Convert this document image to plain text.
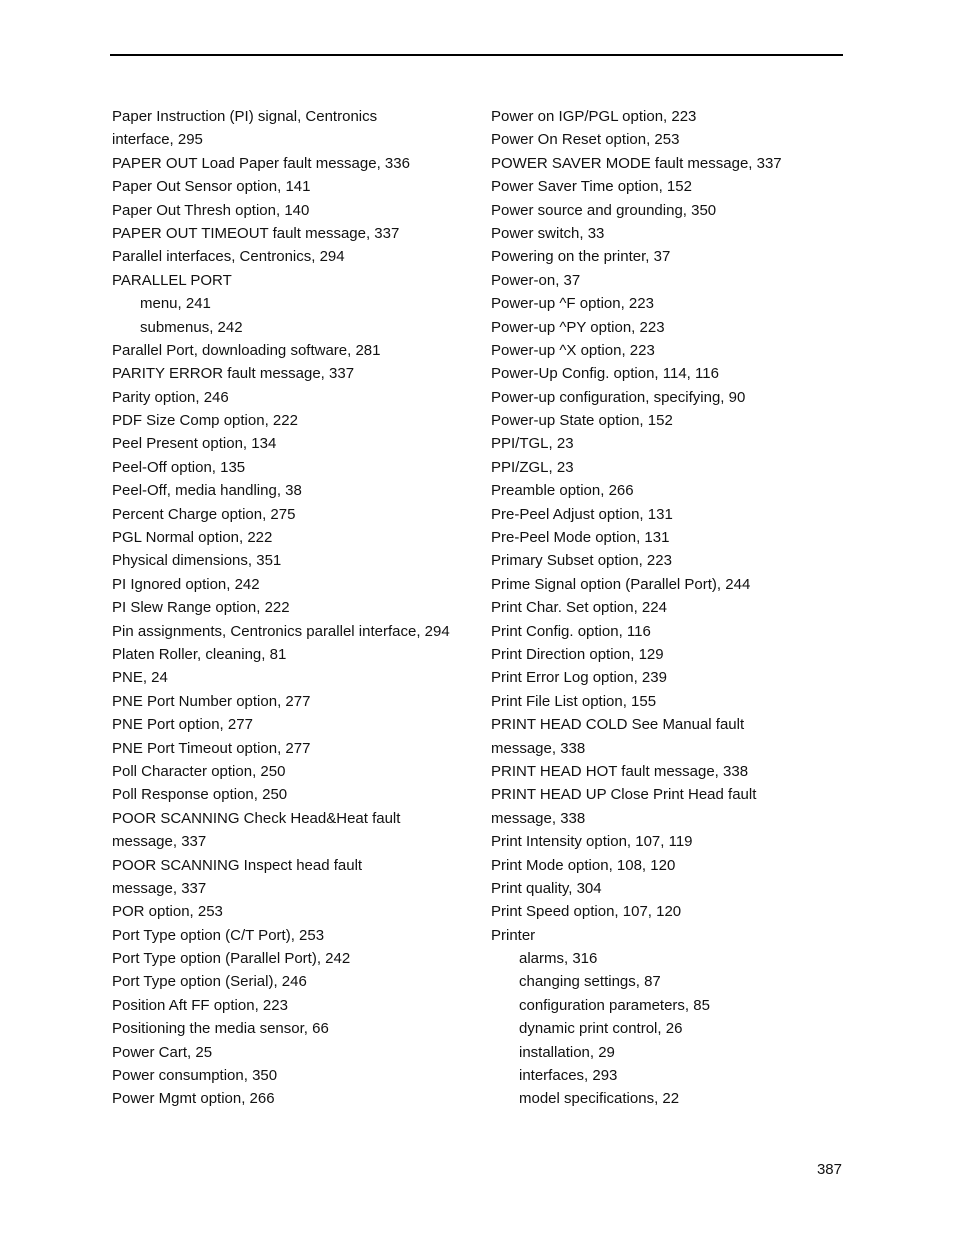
Paper Instruction (PI) signal, Centronics
interface, 295
PAPER OUT Load Paper fault message, 336
Paper Out Sensor option, 141
Paper Out Thresh option, 140
PAPER OUT TIMEOUT fault message, 337
Parallel interfaces, Centronics, 294
PARALLEL PORT
menu, 241
submenus, 242
Parallel Port, downloading software, 281
PARITY ERROR fault message, 337
Parity option, 246
PDF Size Comp option, 222
Peel Present option, 134
Peel-Off option, 135
Peel-Off, media handling, 38
Percent Charge option, 275
PGL Normal option, 222
Physical dimensions, 351
PI Ignored option, 242
PI Slew Range option, 222
Pin assignments, Centronics parallel interface, 294
Platen Roller, cleaning, 81
PNE, 24
PNE Port Number option, 277
PNE Port option, 277
PNE Port Timeout option, 277
Poll Character option, 250
Poll Response option, 250
POOR SCANNING Check Head&Heat fault
message, 337
POOR SCANNING Inspect head fault
message, 337
POR option, 253
Port Type option (C/T Port), 253
Port Type option (Parallel Port), 242
Port Type option (Serial), 246
Position Aft FF option, 223
Positioning the media sensor, 66
Power Cart, 25
Power consumption, 350
Power Mgmt option, 266
Power on IGP/PGL option, 223
Power On Reset option, 253
POWER SAVER MODE fault message, 337
Power Saver Time option, 152
Power source and grounding, 350
Power switch, 33
Powering on the printer, 37
Power-on, 37
Power-up ^F option, 223
Power-up ^PY option, 223
Power-up ^X option, 223
Power-Up Config. option, 114, 116
Power-up configuration, specifying, 90
Power-up State option, 152
PPI/TGL, 23
PPI/ZGL, 23
Preamble option, 266
Pre-Peel Adjust option, 131
Pre-Peel Mode option, 131
Primary Subset option, 223
Prime Signal option (Parallel Port), 244
Print Char. Set option, 224
Print Config. option, 116
Print Direction option, 129
Print Error Log option, 239
Print File List option, 155
PRINT HEAD COLD See Manual fault
message, 338
PRINT HEAD HOT fault message, 338
PRINT HEAD UP Close Print Head fault
message, 338
Print Intensity option, 107, 119
Print Mode option, 108, 120
Print quality, 304
Print Speed option, 107, 120
Printer
alarms, 316
changing settings, 87
configuration parameters, 85
dynamic print control, 26
installation, 29
interfaces, 293
model specifications, 22
387
